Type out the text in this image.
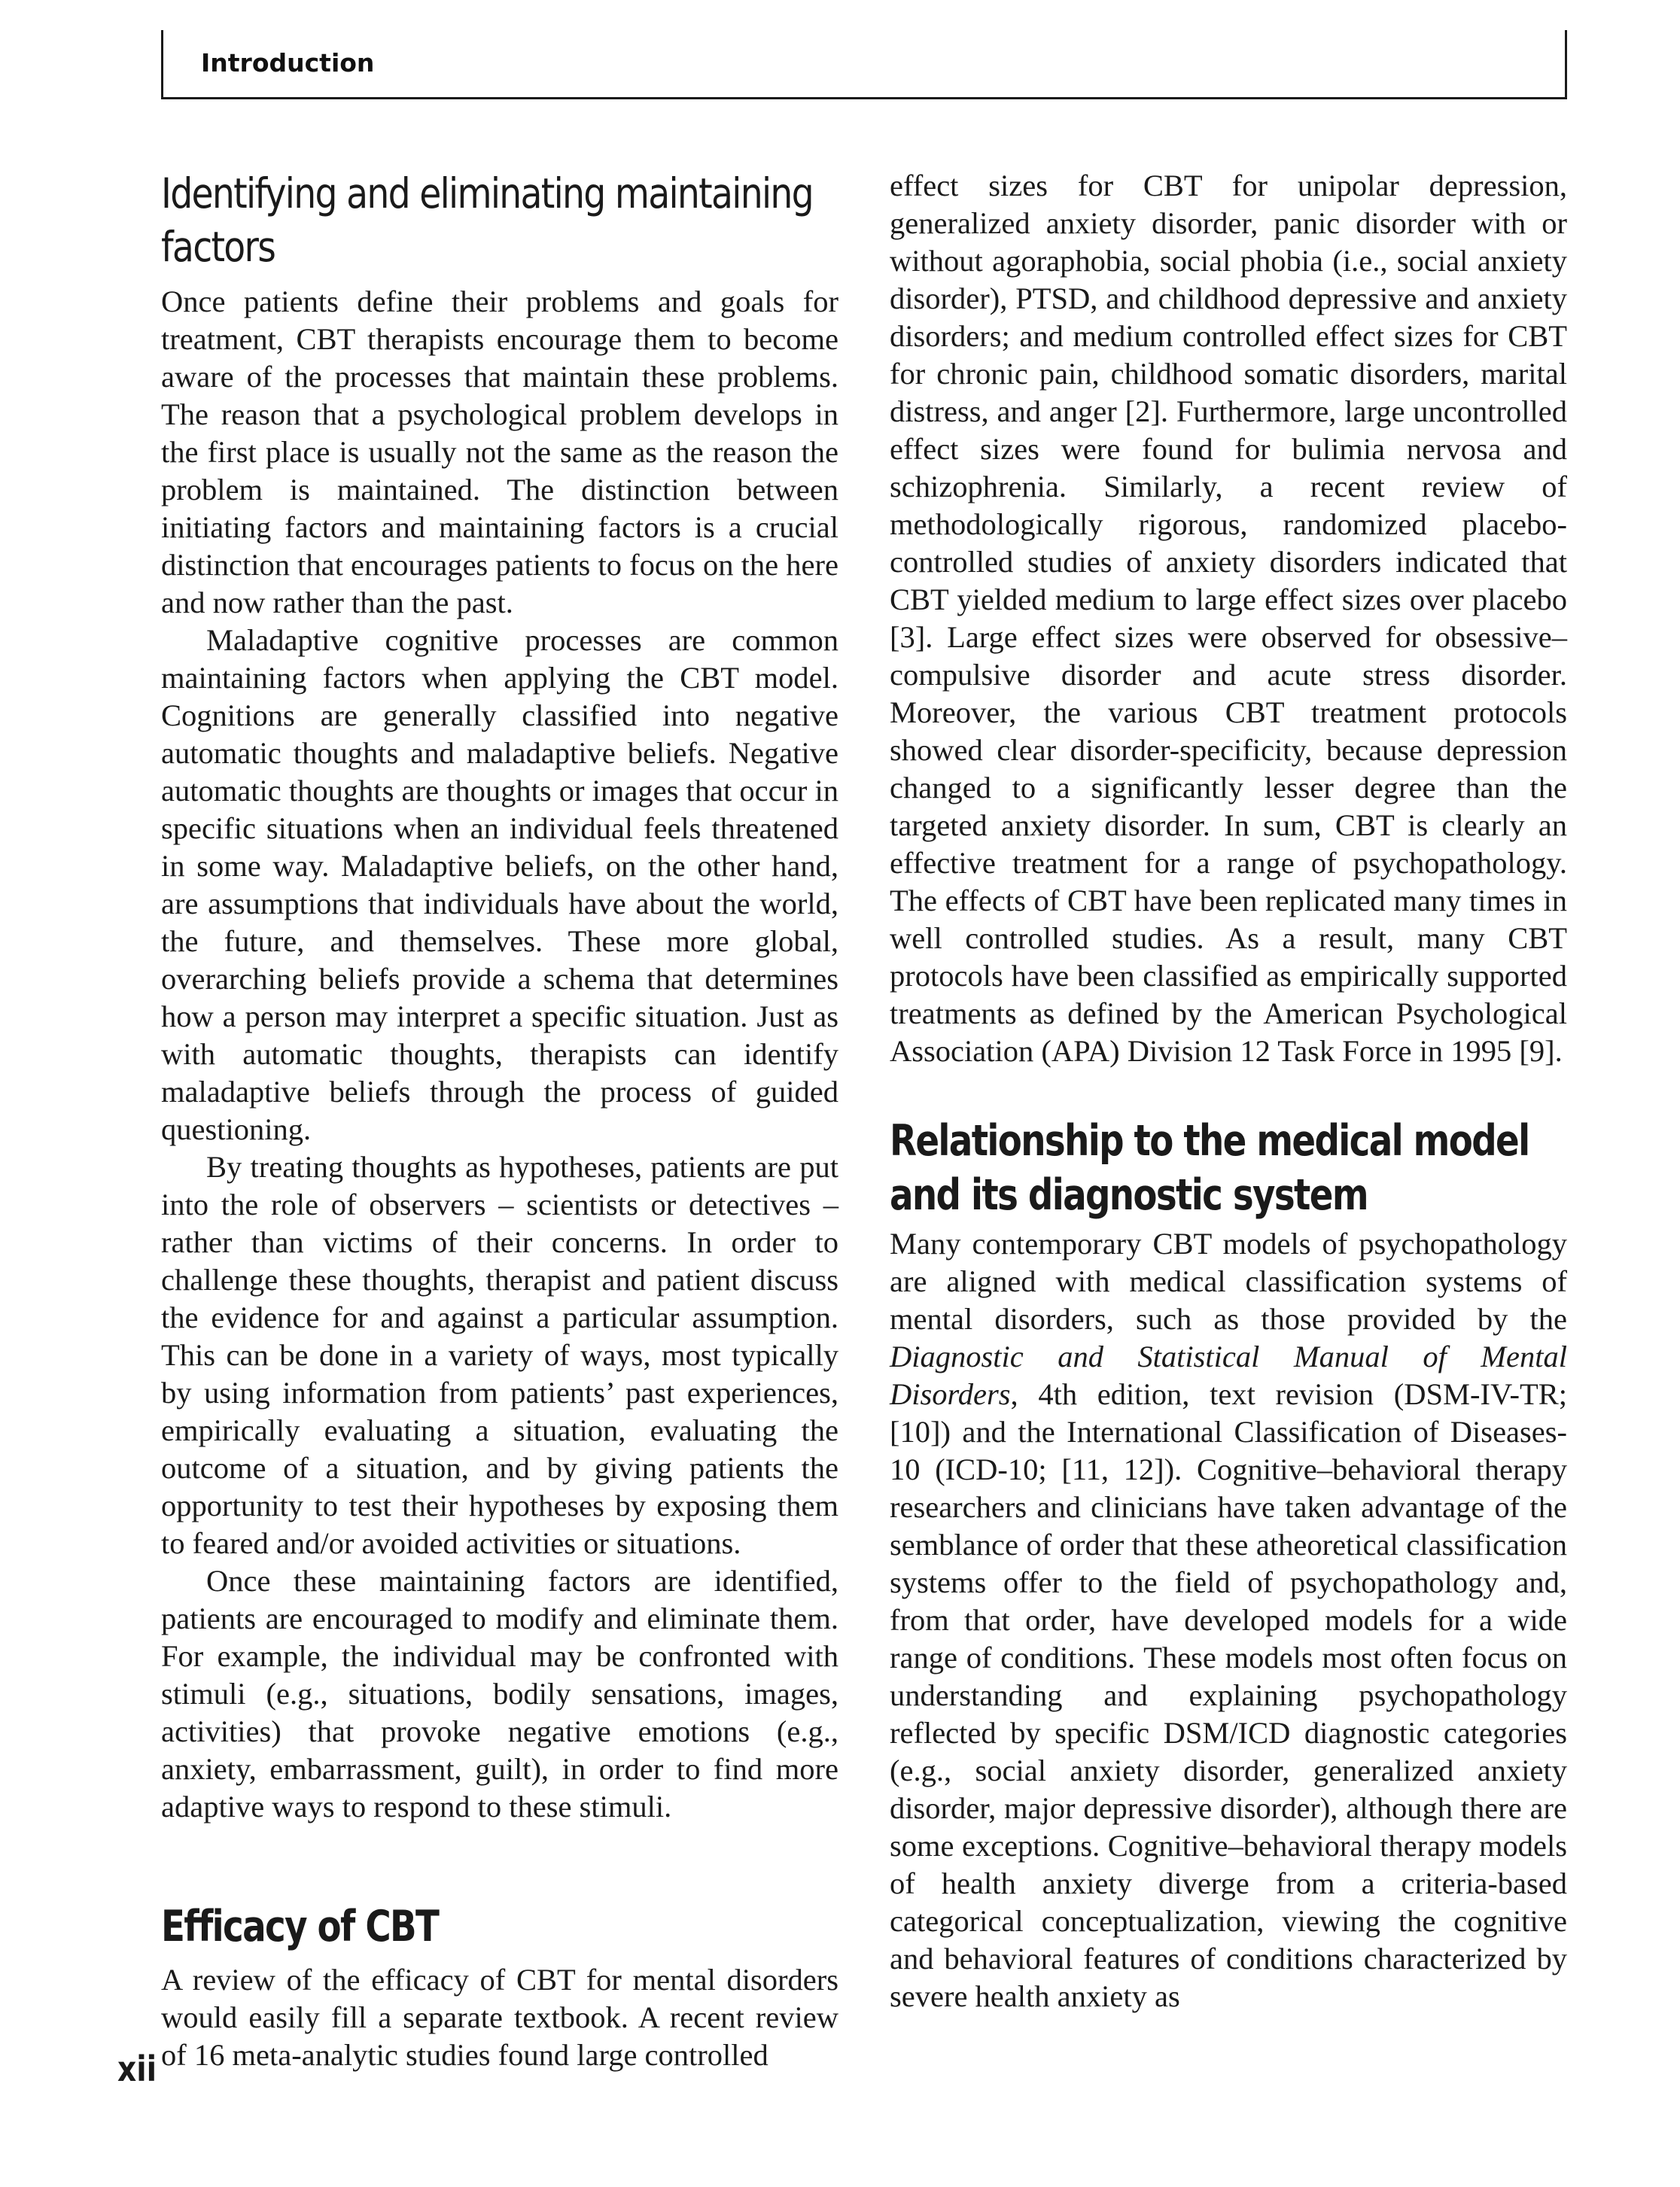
Introduction
Identifying and eliminating maintaining factors

Once patients define their problems and goals for treatment, CBT therapists encourage them to become aware of the processes that maintain these problems. The reason that a psychological problem develops in the first place is usually not the same as the reason the problem is maintained. The distinction between initiating factors and maintaining factors is a crucial distinction that encourages patients to focus on the here and now rather than the past.

Maladaptive cognitive processes are common maintaining factors when applying the CBT model. Cognitions are generally classified into negative automatic thoughts and maladaptive beliefs. Negative automatic thoughts are thoughts or images that occur in specific situations when an individual feels threatened in some way. Maladaptive beliefs, on the other hand, are assumptions that individuals have about the world, the future, and themselves. These more global, overarching beliefs provide a schema that determines how a person may interpret a specific situation. Just as with automatic thoughts, therapists can identify maladaptive beliefs through the process of guided questioning.

By treating thoughts as hypotheses, patients are put into the role of observers – scientists or detectives – rather than victims of their concerns. In order to challenge these thoughts, therapist and patient discuss the evidence for and against a particular assumption. This can be done in a variety of ways, most typically by using information from patients’ past experiences, empirically evaluating a situation, evaluating the outcome of a situation, and by giving patients the opportunity to test their hypotheses by exposing them to feared and/or avoided activities or situations.

Once these maintaining factors are identified, patients are encouraged to modify and eliminate them. For example, the individual may be confronted with stimuli (e.g., situations, bodily sensations, images, activities) that provoke negative emotions (e.g., anxiety, embarrassment, guilt), in order to find more adaptive ways to respond to these stimuli.

Efficacy of CBT

A review of the efficacy of CBT for mental disorders would easily fill a separate textbook. A recent review of 16 meta-analytic studies found large controlled

effect sizes for CBT for unipolar depression, generalized anxiety disorder, panic disorder with or without agoraphobia, social phobia (i.e., social anxiety disorder), PTSD, and childhood depressive and anxiety disorders; and medium controlled effect sizes for CBT for chronic pain, childhood somatic disorders, marital distress, and anger [2]. Furthermore, large uncontrolled effect sizes were found for bulimia nervosa and schizophrenia. Similarly, a recent review of methodologically rigorous, randomized placebo-controlled studies of anxiety disorders indicated that CBT yielded medium to large effect sizes over placebo [3]. Large effect sizes were observed for obsessive–compulsive disorder and acute stress disorder. Moreover, the various CBT treatment protocols showed clear disorder-specificity, because depression changed to a significantly lesser degree than the targeted anxiety disorder. In sum, CBT is clearly an effective treatment for a range of psychopathology. The effects of CBT have been replicated many times in well controlled studies. As a result, many CBT protocols have been classified as empirically supported treatments as defined by the American Psychological Association (APA) Division 12 Task Force in 1995 [9].

Relationship to the medical model and its diagnostic system

Many contemporary CBT models of psychopathology are aligned with medical classification systems of mental disorders, such as those provided by the Diagnostic and Statistical Manual of Mental Disorders, 4th edition, text revision (DSM-IV-TR; [10]) and the International Classification of Diseases-10 (ICD-10; [11, 12]). Cognitive–behavioral therapy researchers and clinicians have taken advantage of the semblance of order that these atheoretical classification systems offer to the field of psychopathology and, from that order, have developed models for a wide range of conditions. These models most often focus on understanding and explaining psychopathology reflected by specific DSM/ICD diagnostic categories (e.g., social anxiety disorder, generalized anxiety disorder, major depressive disorder), although there are some exceptions. Cognitive–behavioral therapy models of health anxiety diverge from a criteria-based categorical conceptualization, viewing the cognitive and behavioral features of conditions characterized by severe health anxiety as

xii
